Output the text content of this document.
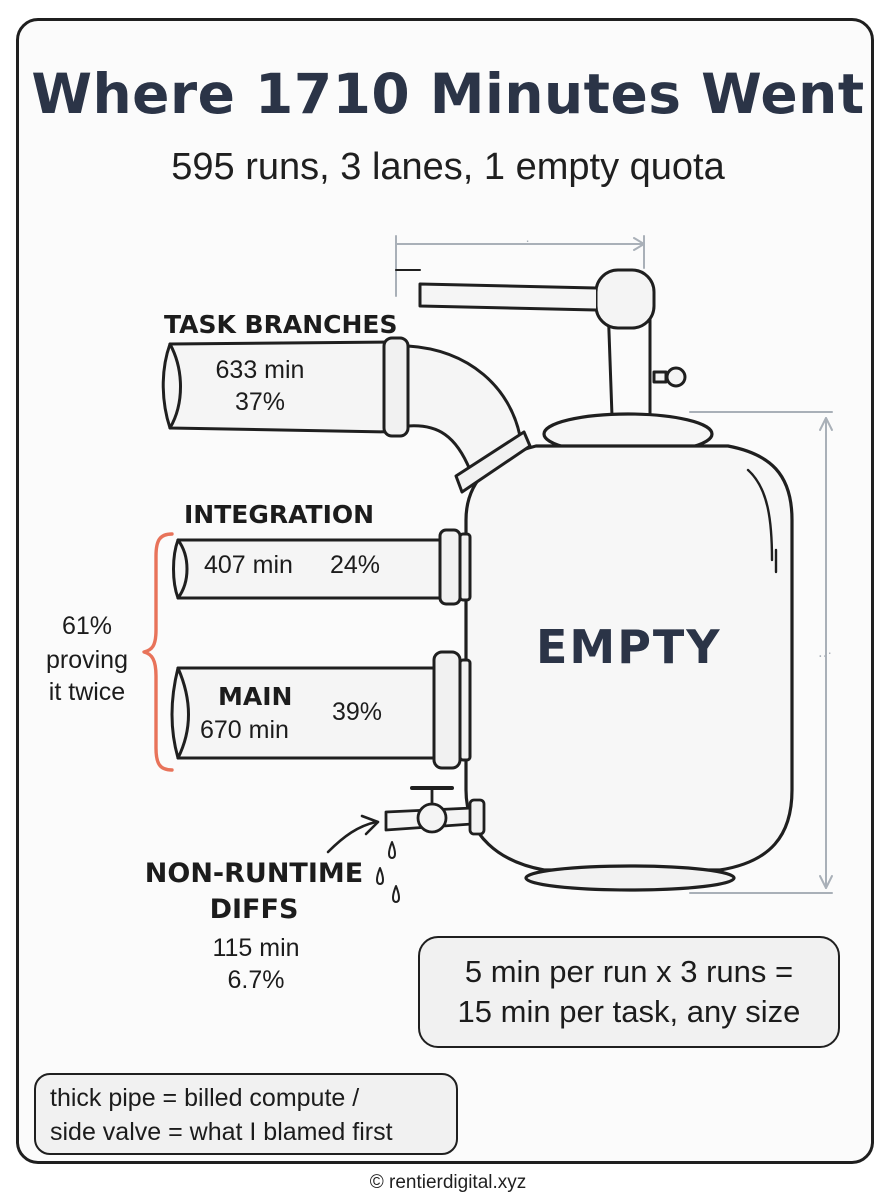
Where 1710 Minutes Went
595 runs, 3 lanes, 1 empty quota
‥ ·
‥·
EMPTY
TASK BRANCHES
633 min
37%
INTEGRATION
407 min 24%
MAIN
670 min
39%
61%
proving
it twice
NON-RUNTIME
DIFFS
115 min
6.7%	5 min per run x 3 runs =
15 min per task, any size
thick pipe = billed compute /
side valve = what I blamed first
© rentierdigital.xyz
